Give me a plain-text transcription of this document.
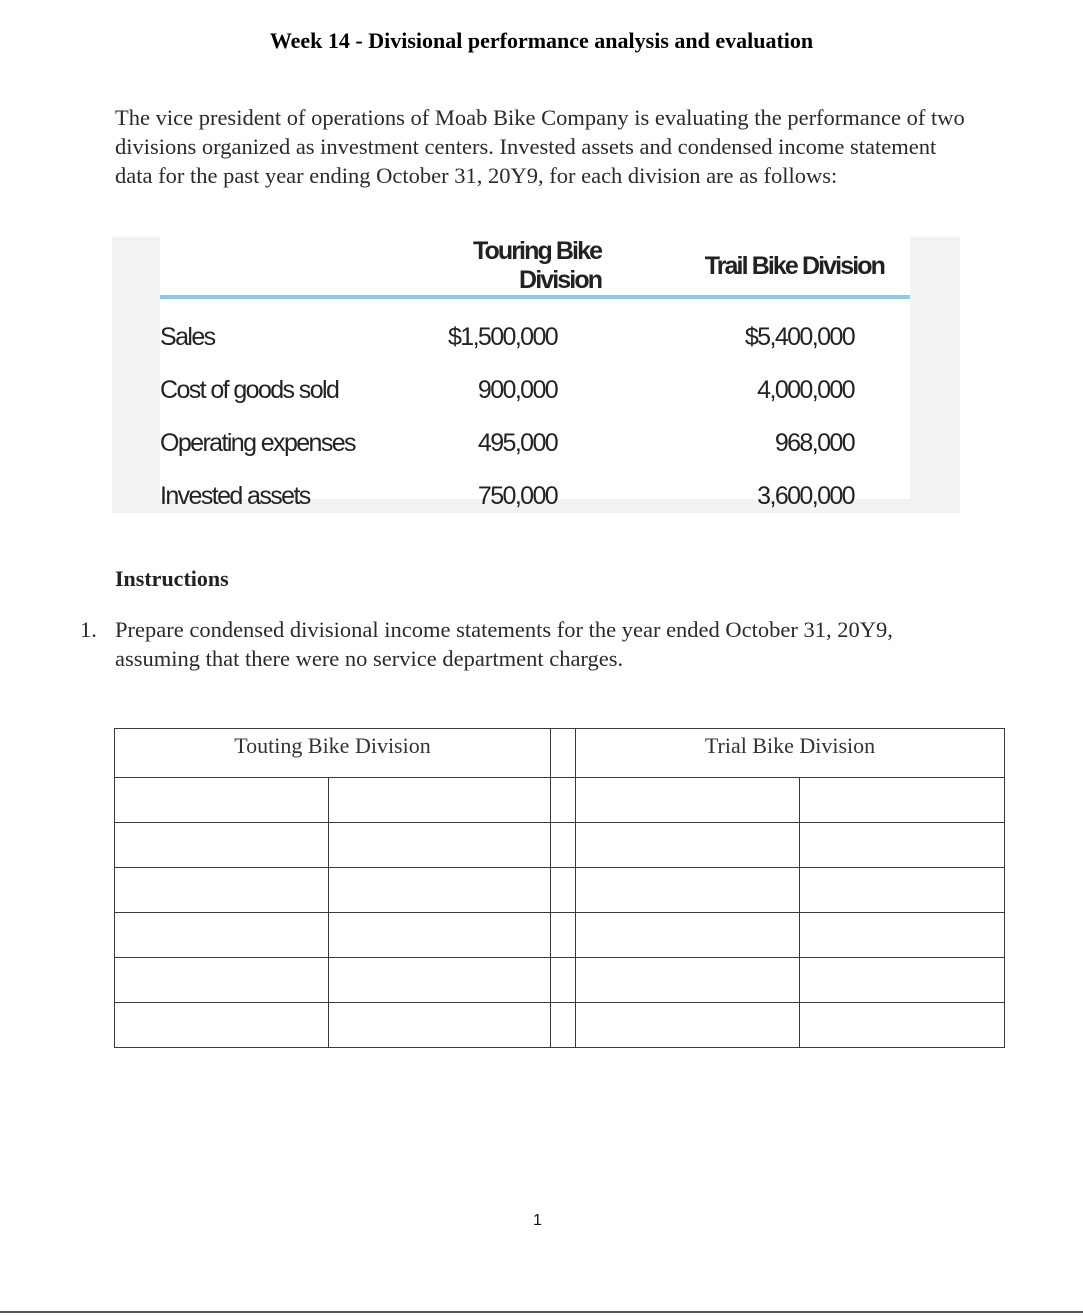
Week 14 - Divisional performance analysis and evaluation
The vice president of operations of Moab Bike Company is evaluating the performance of two divisions organized as investment centers. Invested assets and condensed income statement data for the past year ending October 31, 20Y9, for each division are as follows:
	Touring Bike Division	Trail Bike Division
Sales	$1,500,000	$5,400,000
Cost of goods sold	900,000	4,000,000
Operating expenses	495,000	968,000
Invested assets	750,000	3,600,000
Instructions
1. Prepare condensed divisional income statements for the year ended October 31, 20Y9, assuming that there were no service department charges.
Touting Bike Division			Trial Bike Division	

1
